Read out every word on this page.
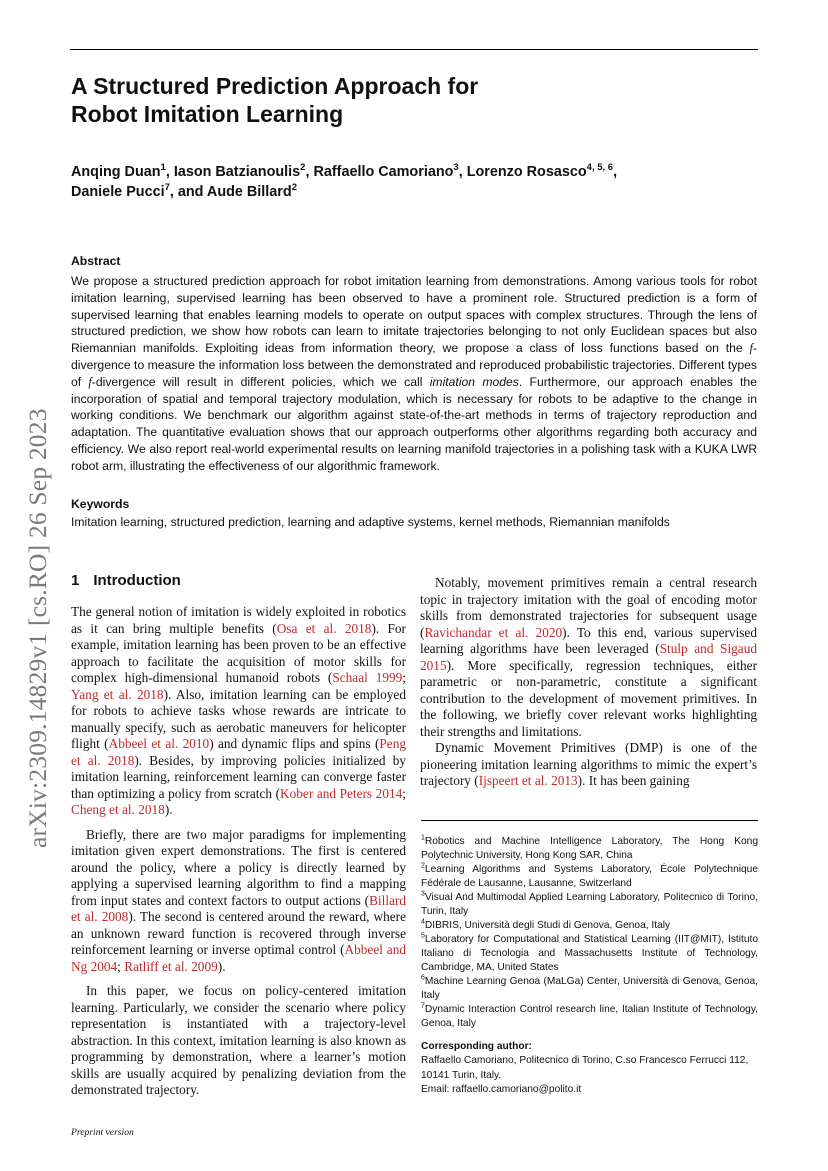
A Structured Prediction Approach for
Robot Imitation Learning
Anqing Duan$^1$, Iason Batzianoulis$^2$, Raffaello Camoriano$^3$, Lorenzo Rosasco$^{4, 5, 6}$,
Daniele Pucci$^7$, and Aude Billard$^2$
Abstract

We propose a structured prediction approach for robot imitation learning from demonstrations. Among various tools for robot imitation learning, supervised learning has been observed to have a prominent role. Structured prediction is a form of supervised learning that enables learning models to operate on output spaces with complex structures. Through the lens of structured prediction, we show how robots can learn to imitate trajectories belonging to not only Euclidean spaces but also Riemannian manifolds. Exploiting ideas from information theory, we propose a class of loss functions based on the f-divergence to measure the information loss between the demonstrated and reproduced probabilistic trajectories. Different types of f-divergence will result in different policies, which we call imitation modes. Furthermore, our approach enables the incorporation of spatial and temporal trajectory modulation, which is necessary for robots to be adaptive to the change in working conditions. We benchmark our algorithm against state-of-the-art methods in terms of trajectory reproduction and adaptation. The quantitative evaluation shows that our approach outperforms other algorithms regarding both accuracy and efficiency. We also report real-world experimental results on learning manifold trajectories in a polishing task with a KUKA LWR robot arm, illustrating the effectiveness of our algorithmic framework.

Keywords
Imitation learning, structured prediction, learning and adaptive systems, kernel methods, Riemannian manifolds
arXiv:2309.14829v1 [cs.RO] 26 Sep 2023 1 Introduction

The general notion of imitation is widely exploited in robotics as it can bring multiple benefits (Osa et al. 2018). For example, imitation learning has been proven to be an effective approach to facilitate the acquisition of motor skills for complex high-dimensional humanoid robots (Schaal 1999; Yang et al. 2018). Also, imitation learning can be employed for robots to achieve tasks whose rewards are intricate to manually specify, such as aerobatic maneuvers for helicopter flight (Abbeel et al. 2010) and dynamic flips and spins (Peng et al. 2018). Besides, by improving policies initialized by imitation learning, reinforcement learning can converge faster than optimizing a policy from scratch (Kober and Peters 2014; Cheng et al. 2018).

Briefly, there are two major paradigms for implementing imitation given expert demonstrations. The first is centered around the policy, where a policy is directly learned by applying a supervised learning algorithm to find a mapping from input states and context factors to output actions (Billard et al. 2008). The second is centered around the reward, where an unknown reward function is recovered through inverse reinforcement learning or inverse optimal control (Abbeel and Ng 2004; Ratliff et al. 2009).

In this paper, we focus on policy-centered imitation learning. Particularly, we consider the scenario where policy representation is instantiated with a trajectory-level abstraction. In this context, imitation learning is also known as programming by demonstration, where a learner’s motion skills are usually acquired by penalizing deviation from the demonstrated trajectory.

Notably, movement primitives remain a central research topic in trajectory imitation with the goal of encoding motor skills from demonstrated trajectories for subsequent usage (Ravichandar et al. 2020). To this end, various supervised learning algorithms have been leveraged (Stulp and Sigaud 2015). More specifically, regression techniques, either parametric or non-parametric, constitute a significant contribution to the development of movement primitives. In the following, we briefly cover relevant works highlighting their strengths and limitations.

Dynamic Movement Primitives (DMP) is one of the pioneering imitation learning algorithms to mimic the expert’s trajectory (Ijspeert et al. 2013). It has been gaining

$^1$Robotics and Machine Intelligence Laboratory, The Hong Kong Polytechnic University, Hong Kong SAR, China

$^2$Learning Algorithms and Systems Laboratory, École Polytechnique Fédérale de Lausanne, Lausanne, Switzerland

$^3$Visual And Multimodal Applied Learning Laboratory, Politecnico di Torino, Turin, Italy

$^4$DIBRIS, Università degli Studi di Genova, Genoa, Italy

$^5$Laboratory for Computational and Statistical Learning (IIT@MIT), Istituto Italiano di Tecnologia and Massachusetts Institute of Technology, Cambridge, MA, United States

$^6$Machine Learning Genoa (MaLGa) Center, Università di Genova, Genoa, Italy

$^7$Dynamic Interaction Control research line, Italian Institute of Technology, Genoa, Italy

Corresponding author:
Raffaello Camoriano, Politecnico di Torino, C.so Francesco Ferrucci 112, 10141 Turin, Italy.
Email: raffaello.camoriano@polito.it
Preprint version
